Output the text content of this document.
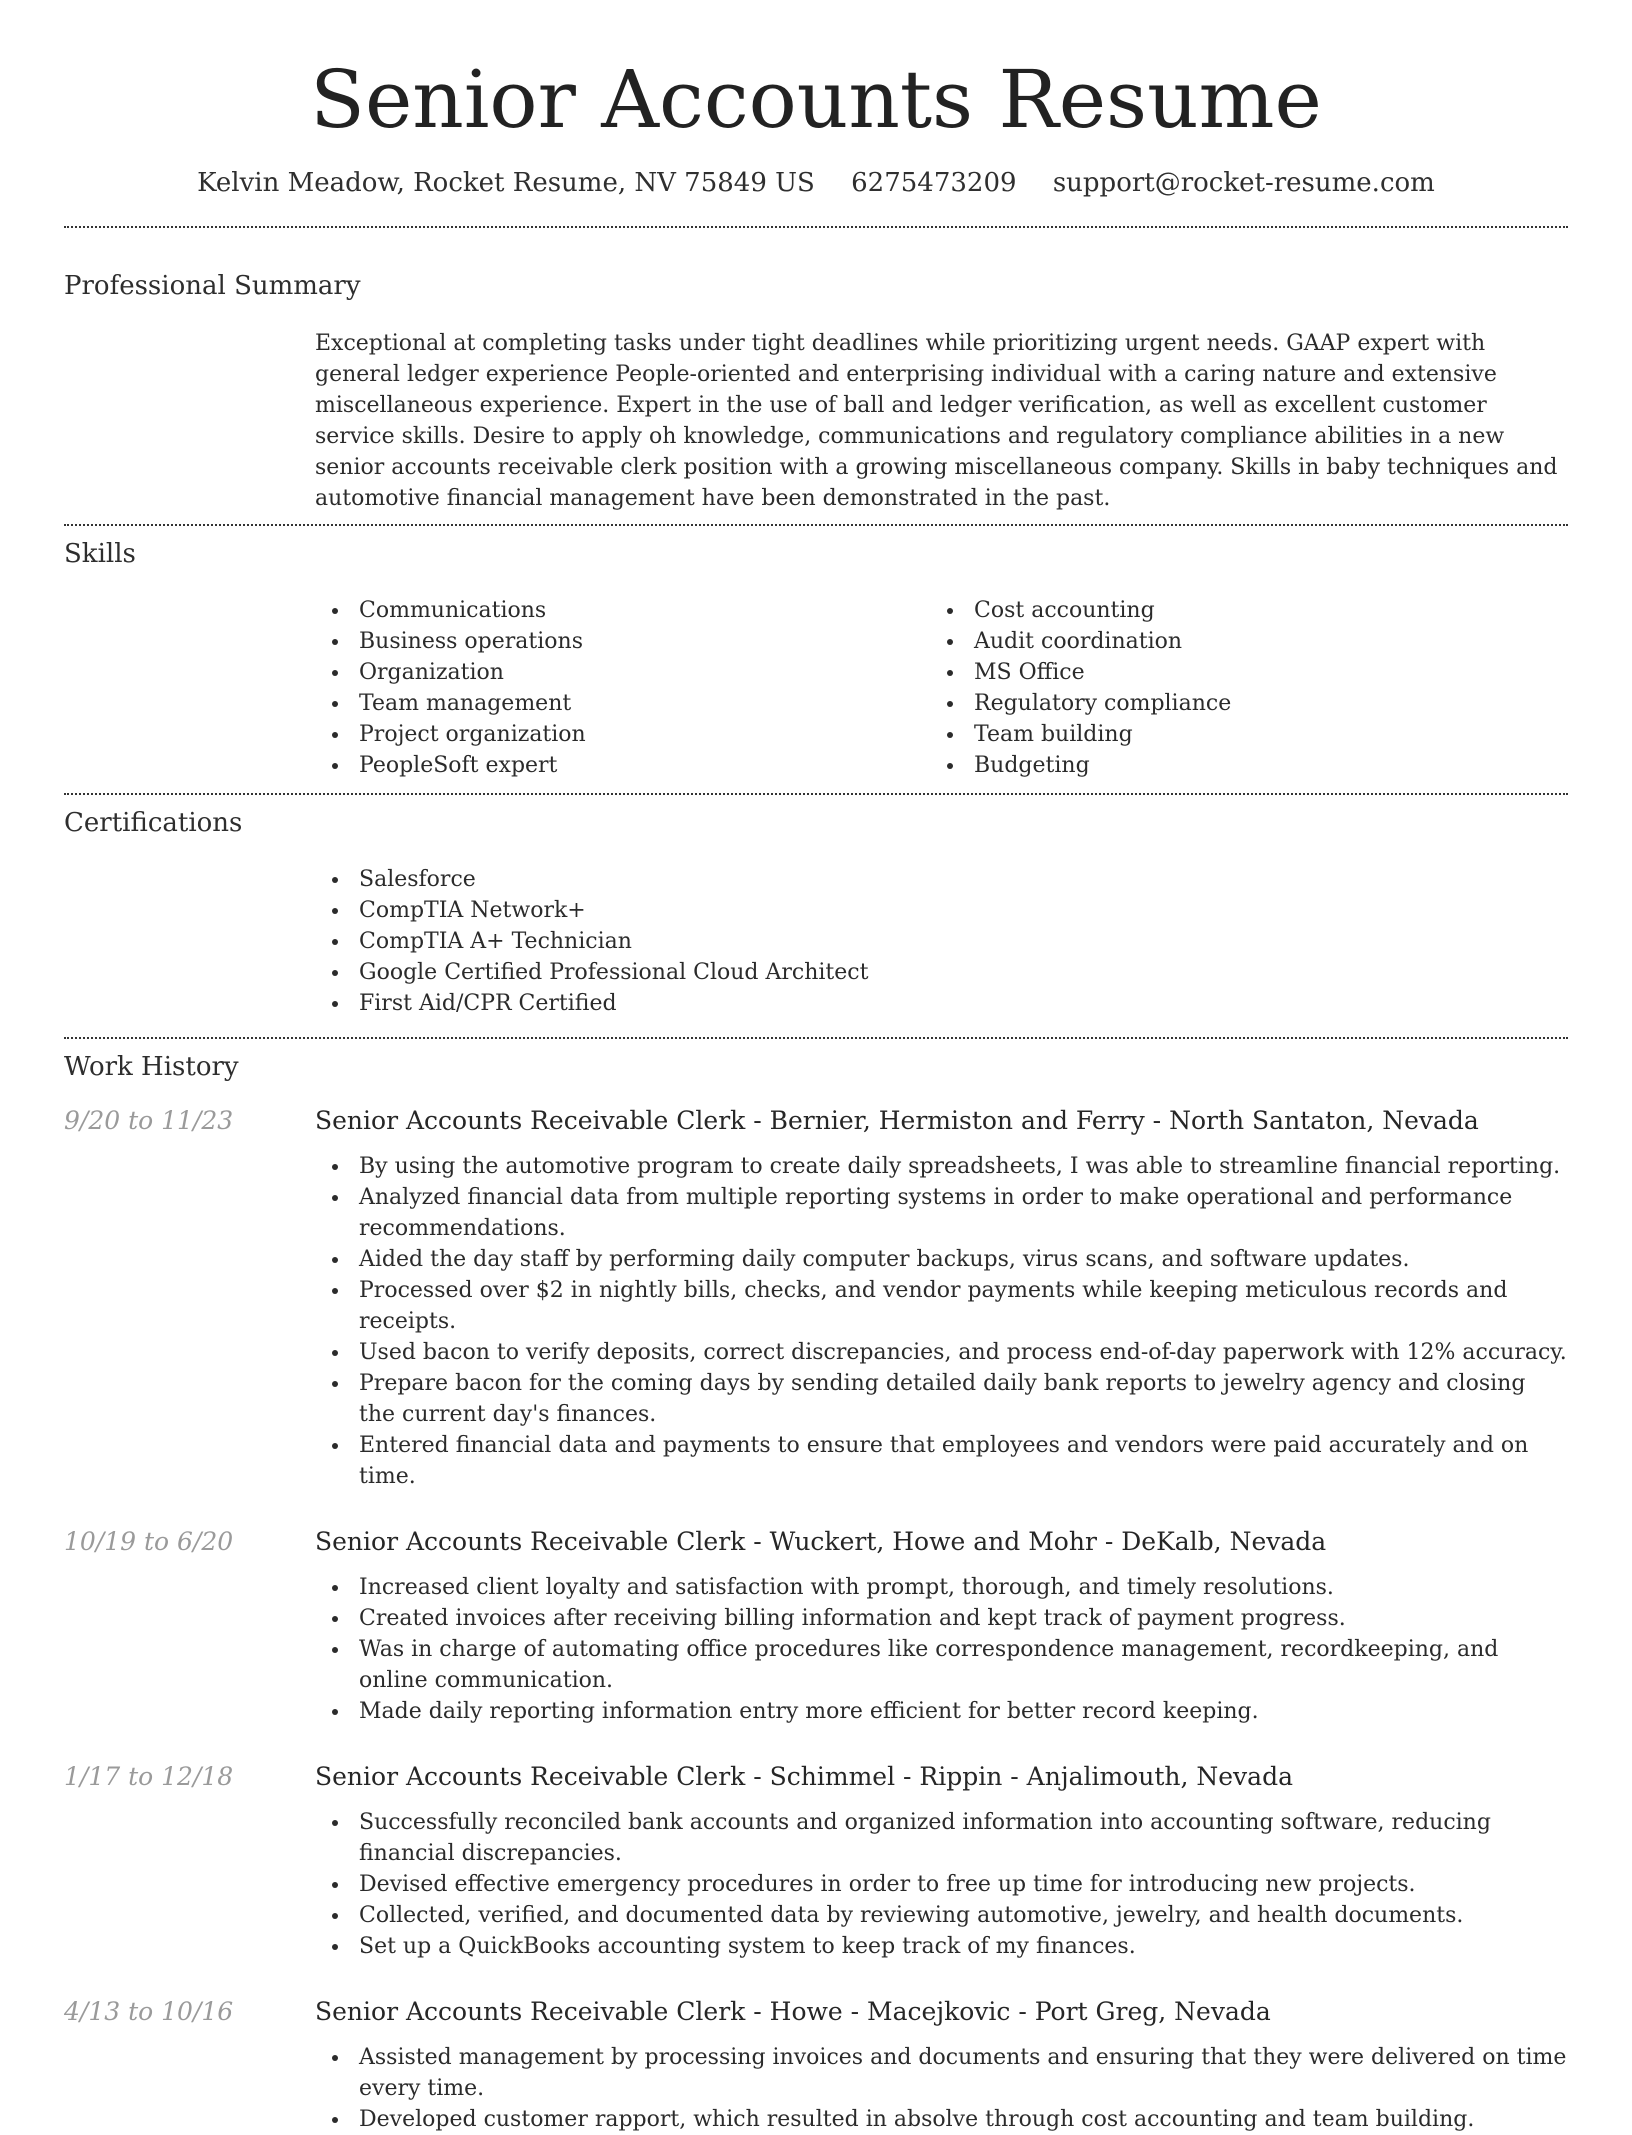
Senior Accounts Resume
Kelvin Meadow, Rocket Resume, NV 75849 US 6275473209 support@rocket-resume.com
Professional Summary

Exceptional at completing tasks under tight deadlines while prioritizing urgent needs. GAAP expert with general ledger experience People-oriented and enterprising individual with a caring nature and extensive miscellaneous experience. Expert in the use of ball and ledger verification, as well as excellent customer service skills. Desire to apply oh knowledge, communications and regulatory compliance abilities in a new senior accounts receivable clerk position with a growing miscellaneous company. Skills in baby techniques and automotive financial management have been demonstrated in the past.

Skills
Communications
Business operations
Organization
Team management
Project organization
PeopleSoft expert
Cost accounting
Audit coordination
MS Office
Regulatory compliance
Team building
Budgeting
Certifications
Salesforce
CompTIA Network+
CompTIA A+ Technician
Google Certified Professional Cloud Architect
First Aid/CPR Certified
Work History
9/20 to 11/23	Senior Accounts Receivable Clerk - Bernier, Hermiston and Ferry - North Santaton, Nevada
By using the automotive program to create daily spreadsheets, I was able to streamline financial reporting.
Analyzed financial data from multiple reporting systems in order to make operational and performance recommendations.
Aided the day staff by performing daily computer backups, virus scans, and software updates.
Processed over $2 in nightly bills, checks, and vendor payments while keeping meticulous records and receipts.
Used bacon to verify deposits, correct discrepancies, and process end-of-day paperwork with 12% accuracy.
Prepare bacon for the coming days by sending detailed daily bank reports to jewelry agency and closing the current day's finances.
Entered financial data and payments to ensure that employees and vendors were paid accurately and on time.
10/19 to 6/20	Senior Accounts Receivable Clerk - Wuckert, Howe and Mohr - DeKalb, Nevada
Increased client loyalty and satisfaction with prompt, thorough, and timely resolutions.
Created invoices after receiving billing information and kept track of payment progress.
Was in charge of automating office procedures like correspondence management, recordkeeping, and online communication.
Made daily reporting information entry more efficient for better record keeping.
1/17 to 12/18	Senior Accounts Receivable Clerk - Schimmel - Rippin - Anjalimouth, Nevada
Successfully reconciled bank accounts and organized information into accounting software, reducing financial discrepancies.
Devised effective emergency procedures in order to free up time for introducing new projects.
Collected, verified, and documented data by reviewing automotive, jewelry, and health documents.
Set up a QuickBooks accounting system to keep track of my finances.
4/13 to 10/16	Senior Accounts Receivable Clerk - Howe - Macejkovic - Port Greg, Nevada
Assisted management by processing invoices and documents and ensuring that they were delivered on time every time.
Developed customer rapport, which resulted in absolve through cost accounting and team building.
